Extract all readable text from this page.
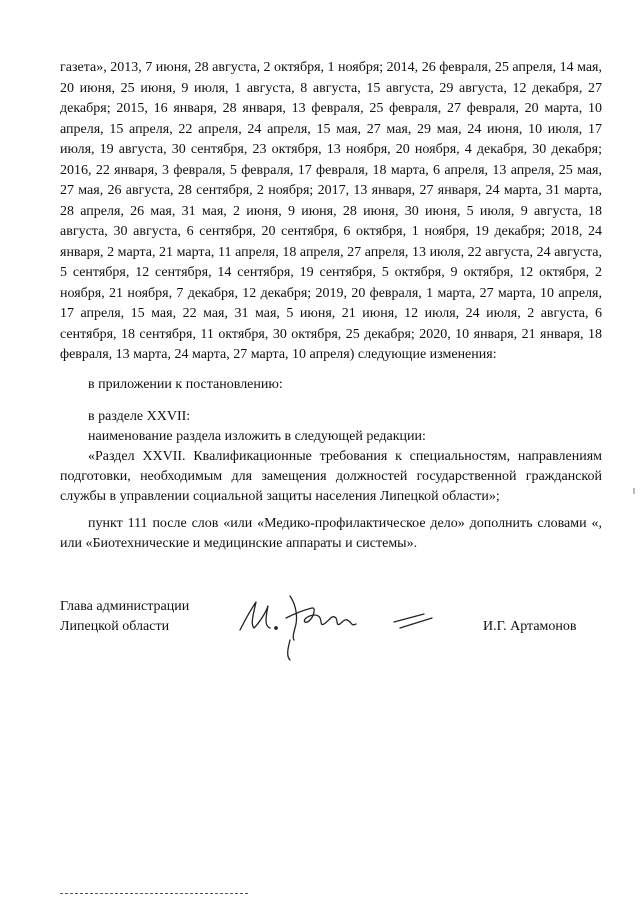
газета», 2013, 7 июня, 28 августа, 2 октября, 1 ноября; 2014, 26 февраля, 25 апреля, 14 мая, 20 июня, 25 июня, 9 июля, 1 августа, 8 августа, 15 августа, 29 августа, 12 декабря, 27 декабря; 2015, 16 января, 28 января, 13 февраля, 25 февраля, 27 февраля, 20 марта, 10 апреля, 15 апреля, 22 апреля, 24 апреля, 15 мая, 27 мая, 29 мая, 24 июня, 10 июля, 17 июля, 19 августа, 30 сентября, 23 октября, 13 ноября, 20 ноября, 4 декабря, 30 декабря; 2016, 22 января, 3 февраля, 5 февраля, 17 февраля, 18 марта, 6 апреля, 13 апреля, 25 мая, 27 мая, 26 августа, 28 сентября, 2 ноября; 2017, 13 января, 27 января, 24 марта, 31 марта, 28 апреля, 26 мая, 31 мая, 2 июня, 9 июня, 28 июня, 30 июня, 5 июля, 9 августа, 18 августа, 30 августа, 6 сентября, 20 сентября, 6 октября, 1 ноября, 19 декабря; 2018, 24 января, 2 марта, 21 марта, 11 апреля, 18 апреля, 27 апреля, 13 июля, 22 августа, 24 августа, 5 сентября, 12 сентября, 14 сентября, 19 сентября, 5 октября, 9 октября, 12 октября, 2 ноября, 21 ноября, 7 декабря, 12 декабря; 2019, 20 февраля, 1 марта, 27 марта, 10 апреля, 17 апреля, 15 мая, 22 мая, 31 мая, 5 июня, 21 июня, 12 июля, 24 июля, 2 августа, 6 сентября, 18 сентября, 11 октября, 30 октября, 25 декабря; 2020, 10 января, 21 января, 18 февраля, 13 марта, 24 марта, 27 марта, 10 апреля) следующие изменения:

в приложении к постановлению:

в разделе XXVII:

наименование раздела изложить в следующей редакции:

«Раздел XXVII. Квалификационные требования к специальностям, направлениям подготовки, необходимым для замещения должностей государственной гражданской службы в управлении социальной защиты населения Липецкой области»;

пункт 111 после слов «или «Медико-профилактическое дело» дополнить словами «, или «Биотехнические и медицинские аппараты и системы».

Глава администрации
Липецкой области	И.Г. Артамонов
